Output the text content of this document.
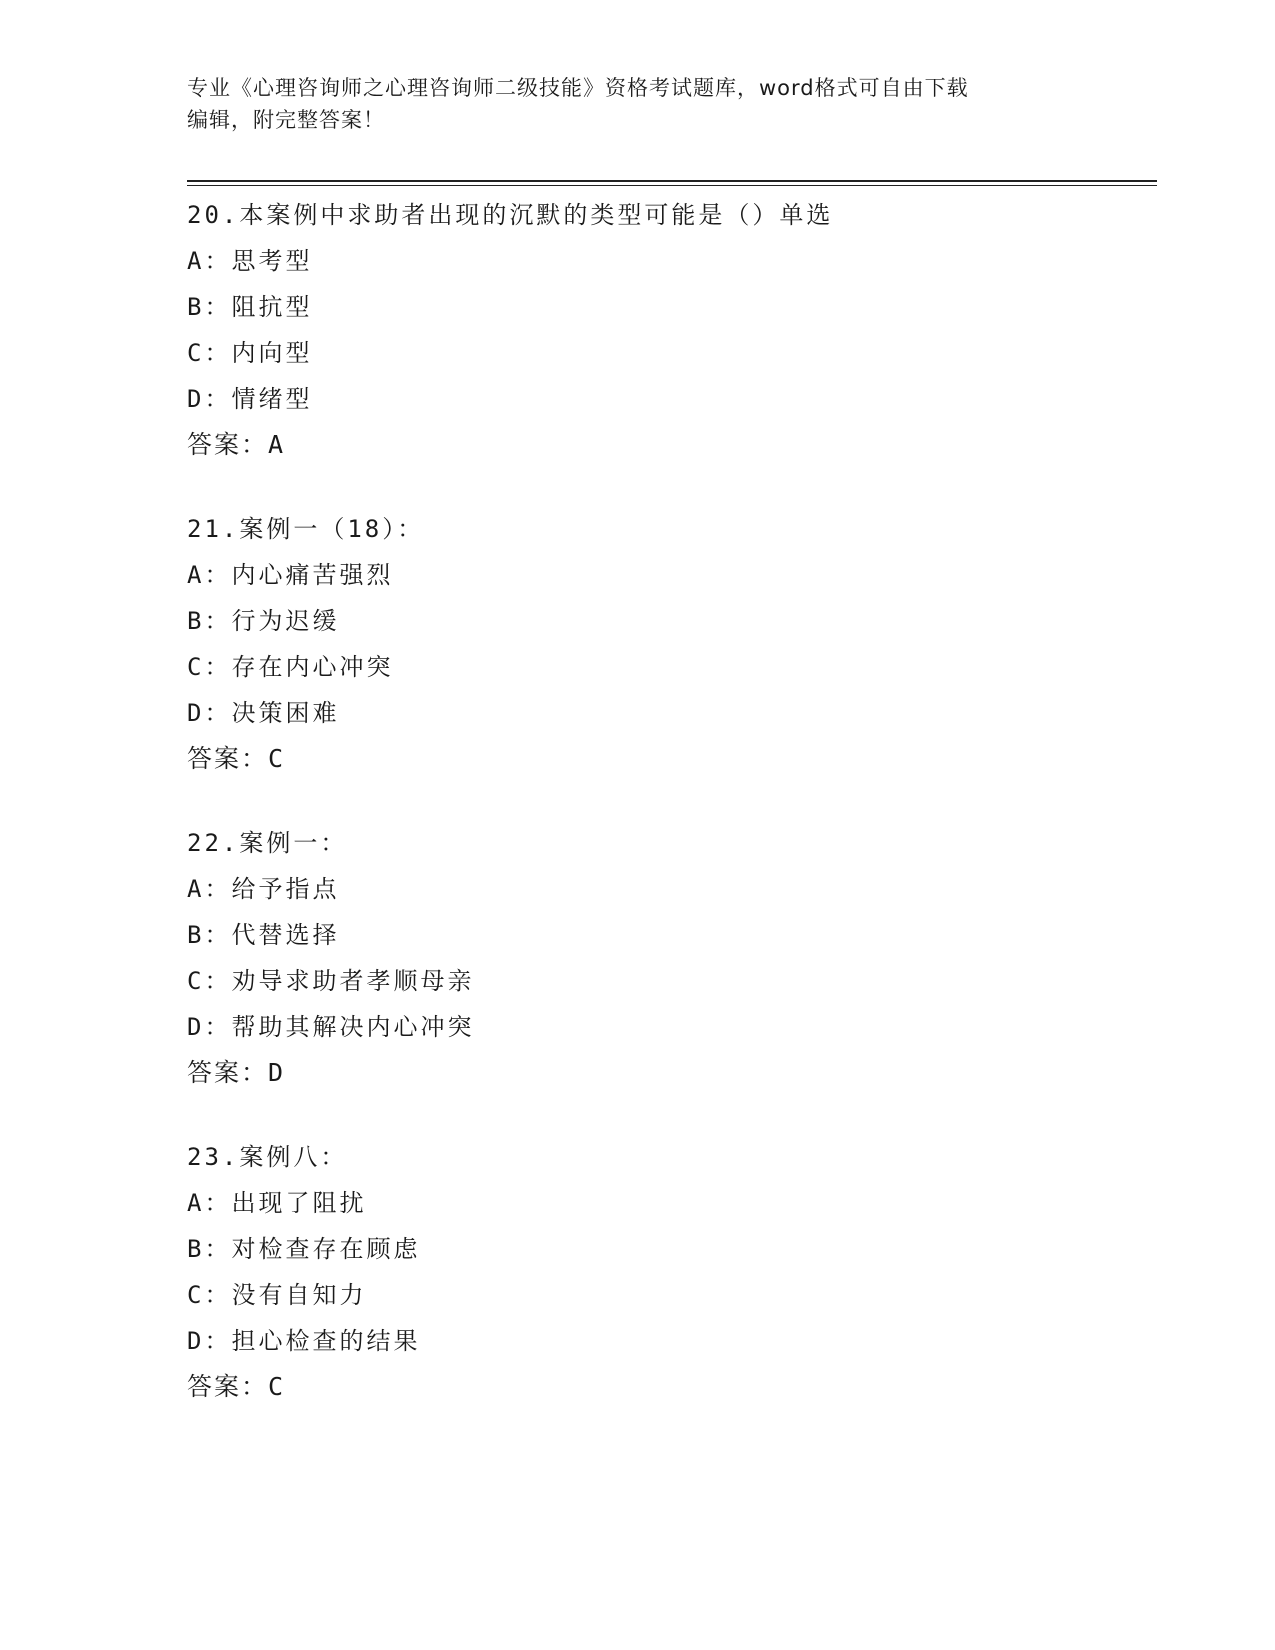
专业《心理咨询师之心理咨询师二级技能》资格考试题库，word格式可自由下载
编辑，附完整答案！

20.本案例中求助者出现的沉默的类型可能是（）单选
A：思考型
B：阻抗型
C：内向型
D：情绪型
答案：A
21.案例一（18）：
A：内心痛苦强烈
B：行为迟缓
C：存在内心冲突
D：决策困难
答案：C
22.案例一：
A：给予指点
B：代替选择
C：劝导求助者孝顺母亲
D：帮助其解决内心冲突
答案：D
23.案例八：
A：出现了阻扰
B：对检查存在顾虑
C：没有自知力
D：担心检查的结果
答案：C
